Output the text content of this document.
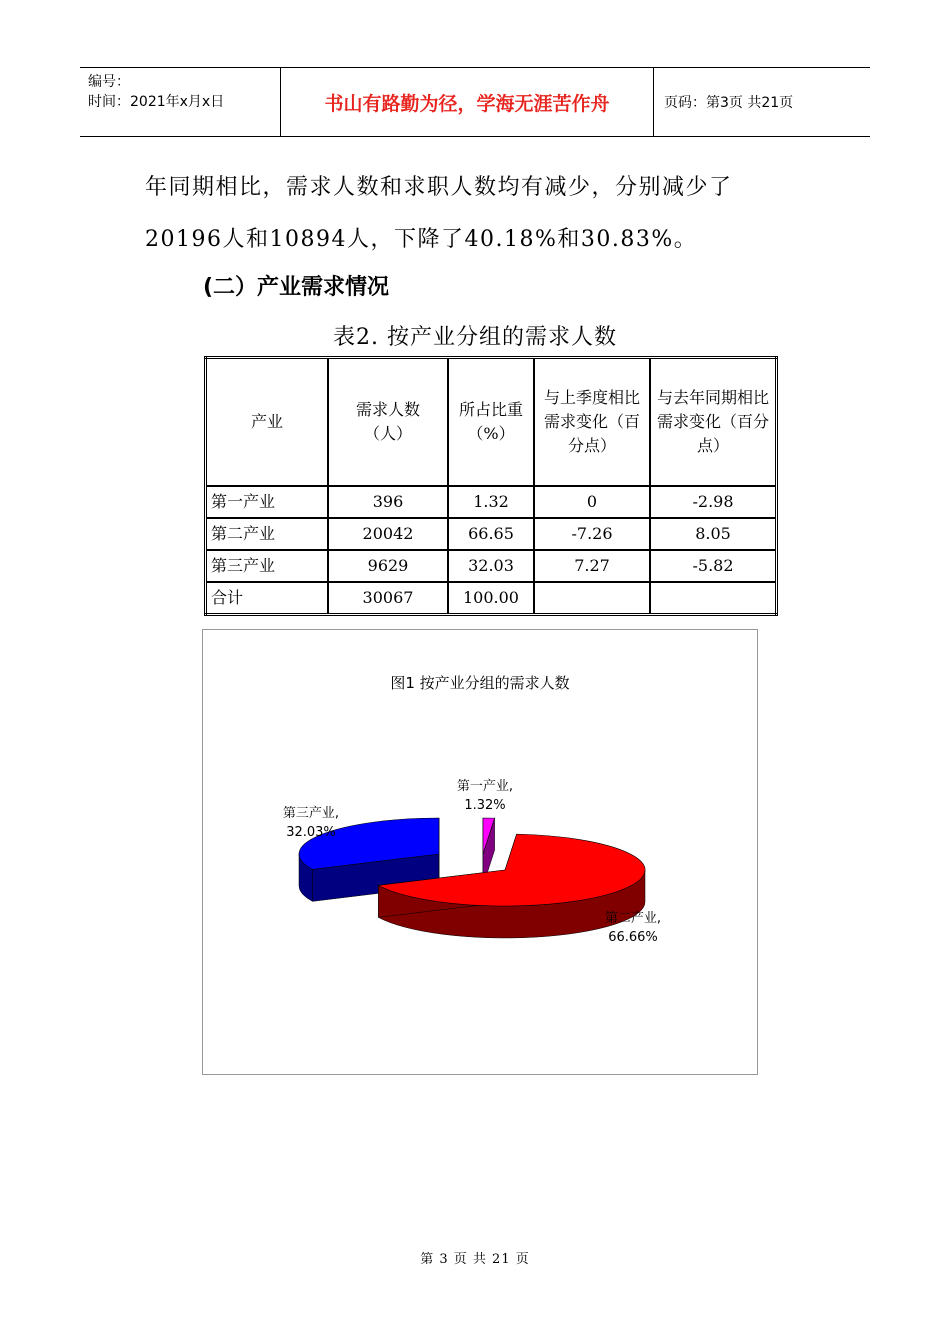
编号：
时间：2021年x月x日	书山有路勤为径，学海无涯苦作舟	页码：第3页 共21页
年同期相比，需求人数和求职人数均有减少，分别减少了
20196人和10894人，下降了40.18%和30.83%。
(二）产业需求情况
表2. 按产业分组的需求人数
产业	需求人数（人）	所占比重（%）	与上季度相比需求变化（百分点）	与去年同期相比 需求变化（百分点）
第一产业	396	1.32	0	-2.98
第二产业	20042	66.65	-7.26	8.05
第三产业	9629	32.03	7.27	-5.82
合计	30067	100.00		
图1 按产业分组的需求人数
第一产业,
1.32%
第二产业,
66.66%
第三产业,
32.03%
第 3 页 共 21 页
